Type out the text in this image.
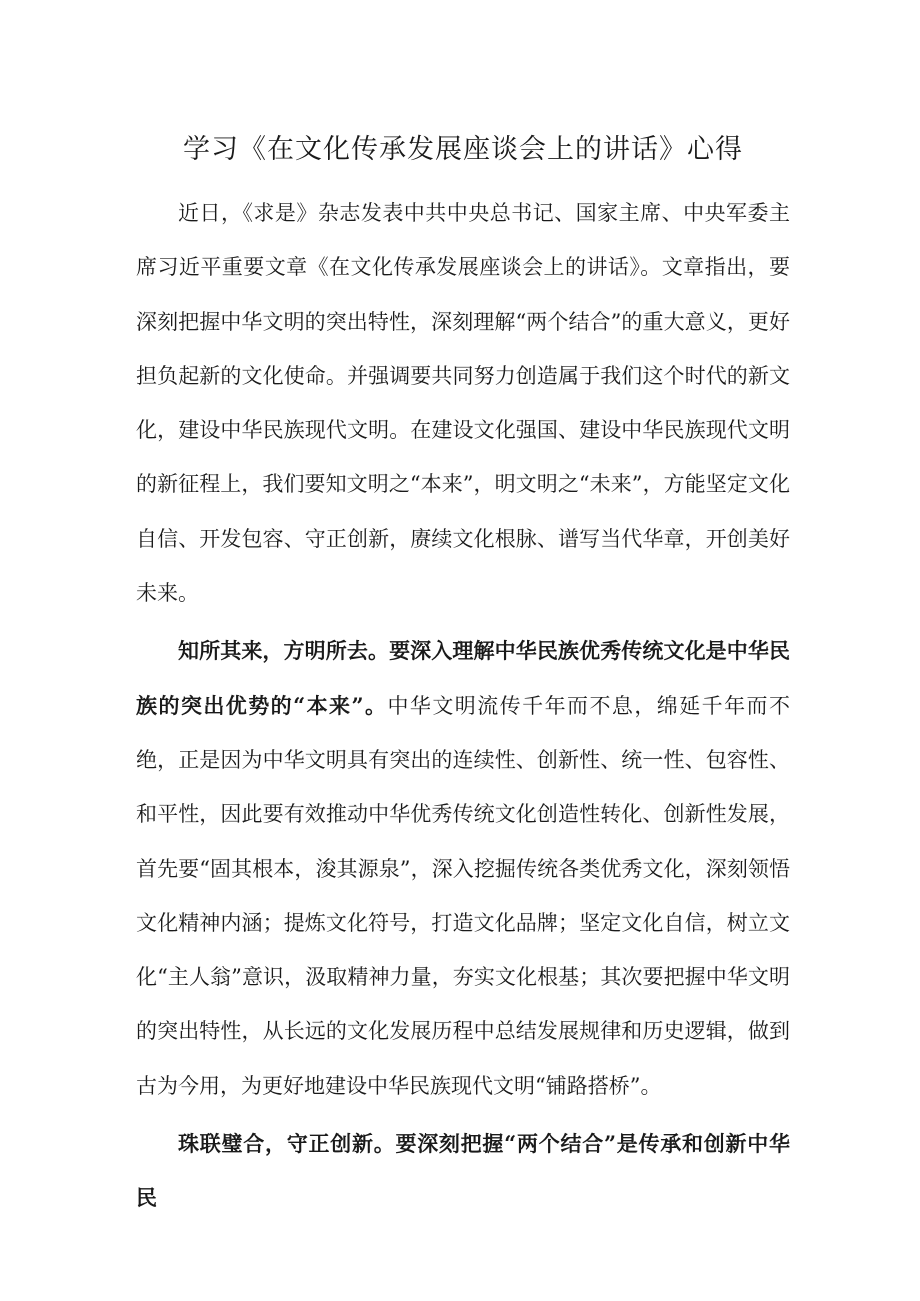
学习《在文化传承发展座谈会上的讲话》心得

近日，《求是》杂志发表中共中央总书记、国家主席、中央军委主席习近平重要文章《在文化传承发展座谈会上的讲话》。文章指出，要深刻把握中华文明的突出特性，深刻理解“两个结合”的重大意义，更好担负起新的文化使命。并强调要共同努力创造属于我们这个时代的新文化，建设中华民族现代文明。在建设文化强国、建设中华民族现代文明的新征程上，我们要知文明之“本来”，明文明之“未来”，方能坚定文化自信、开发包容、守正创新，赓续文化根脉、谱写当代华章，开创美好未来。

知所其来，方明所去。要深入理解中华民族优秀传统文化是中华民族的突出优势的“本来”。中华文明流传千年而不息，绵延千年而不绝，正是因为中华文明具有突出的连续性、创新性、统一性、包容性、和平性，因此要有效推动中华优秀传统文化创造性转化、创新性发展，首先要“固其根本，浚其源泉”，深入挖掘传统各类优秀文化，深刻领悟文化精神内涵；提炼文化符号，打造文化品牌；坚定文化自信，树立文化“主人翁”意识，汲取精神力量，夯实文化根基；其次要把握中华文明的突出特性，从长远的文化发展历程中总结发展规律和历史逻辑，做到古为今用，为更好地建设中华民族现代文明“铺路搭桥”。

珠联璧合，守正创新。要深刻把握“两个结合”是传承和创新中华民
